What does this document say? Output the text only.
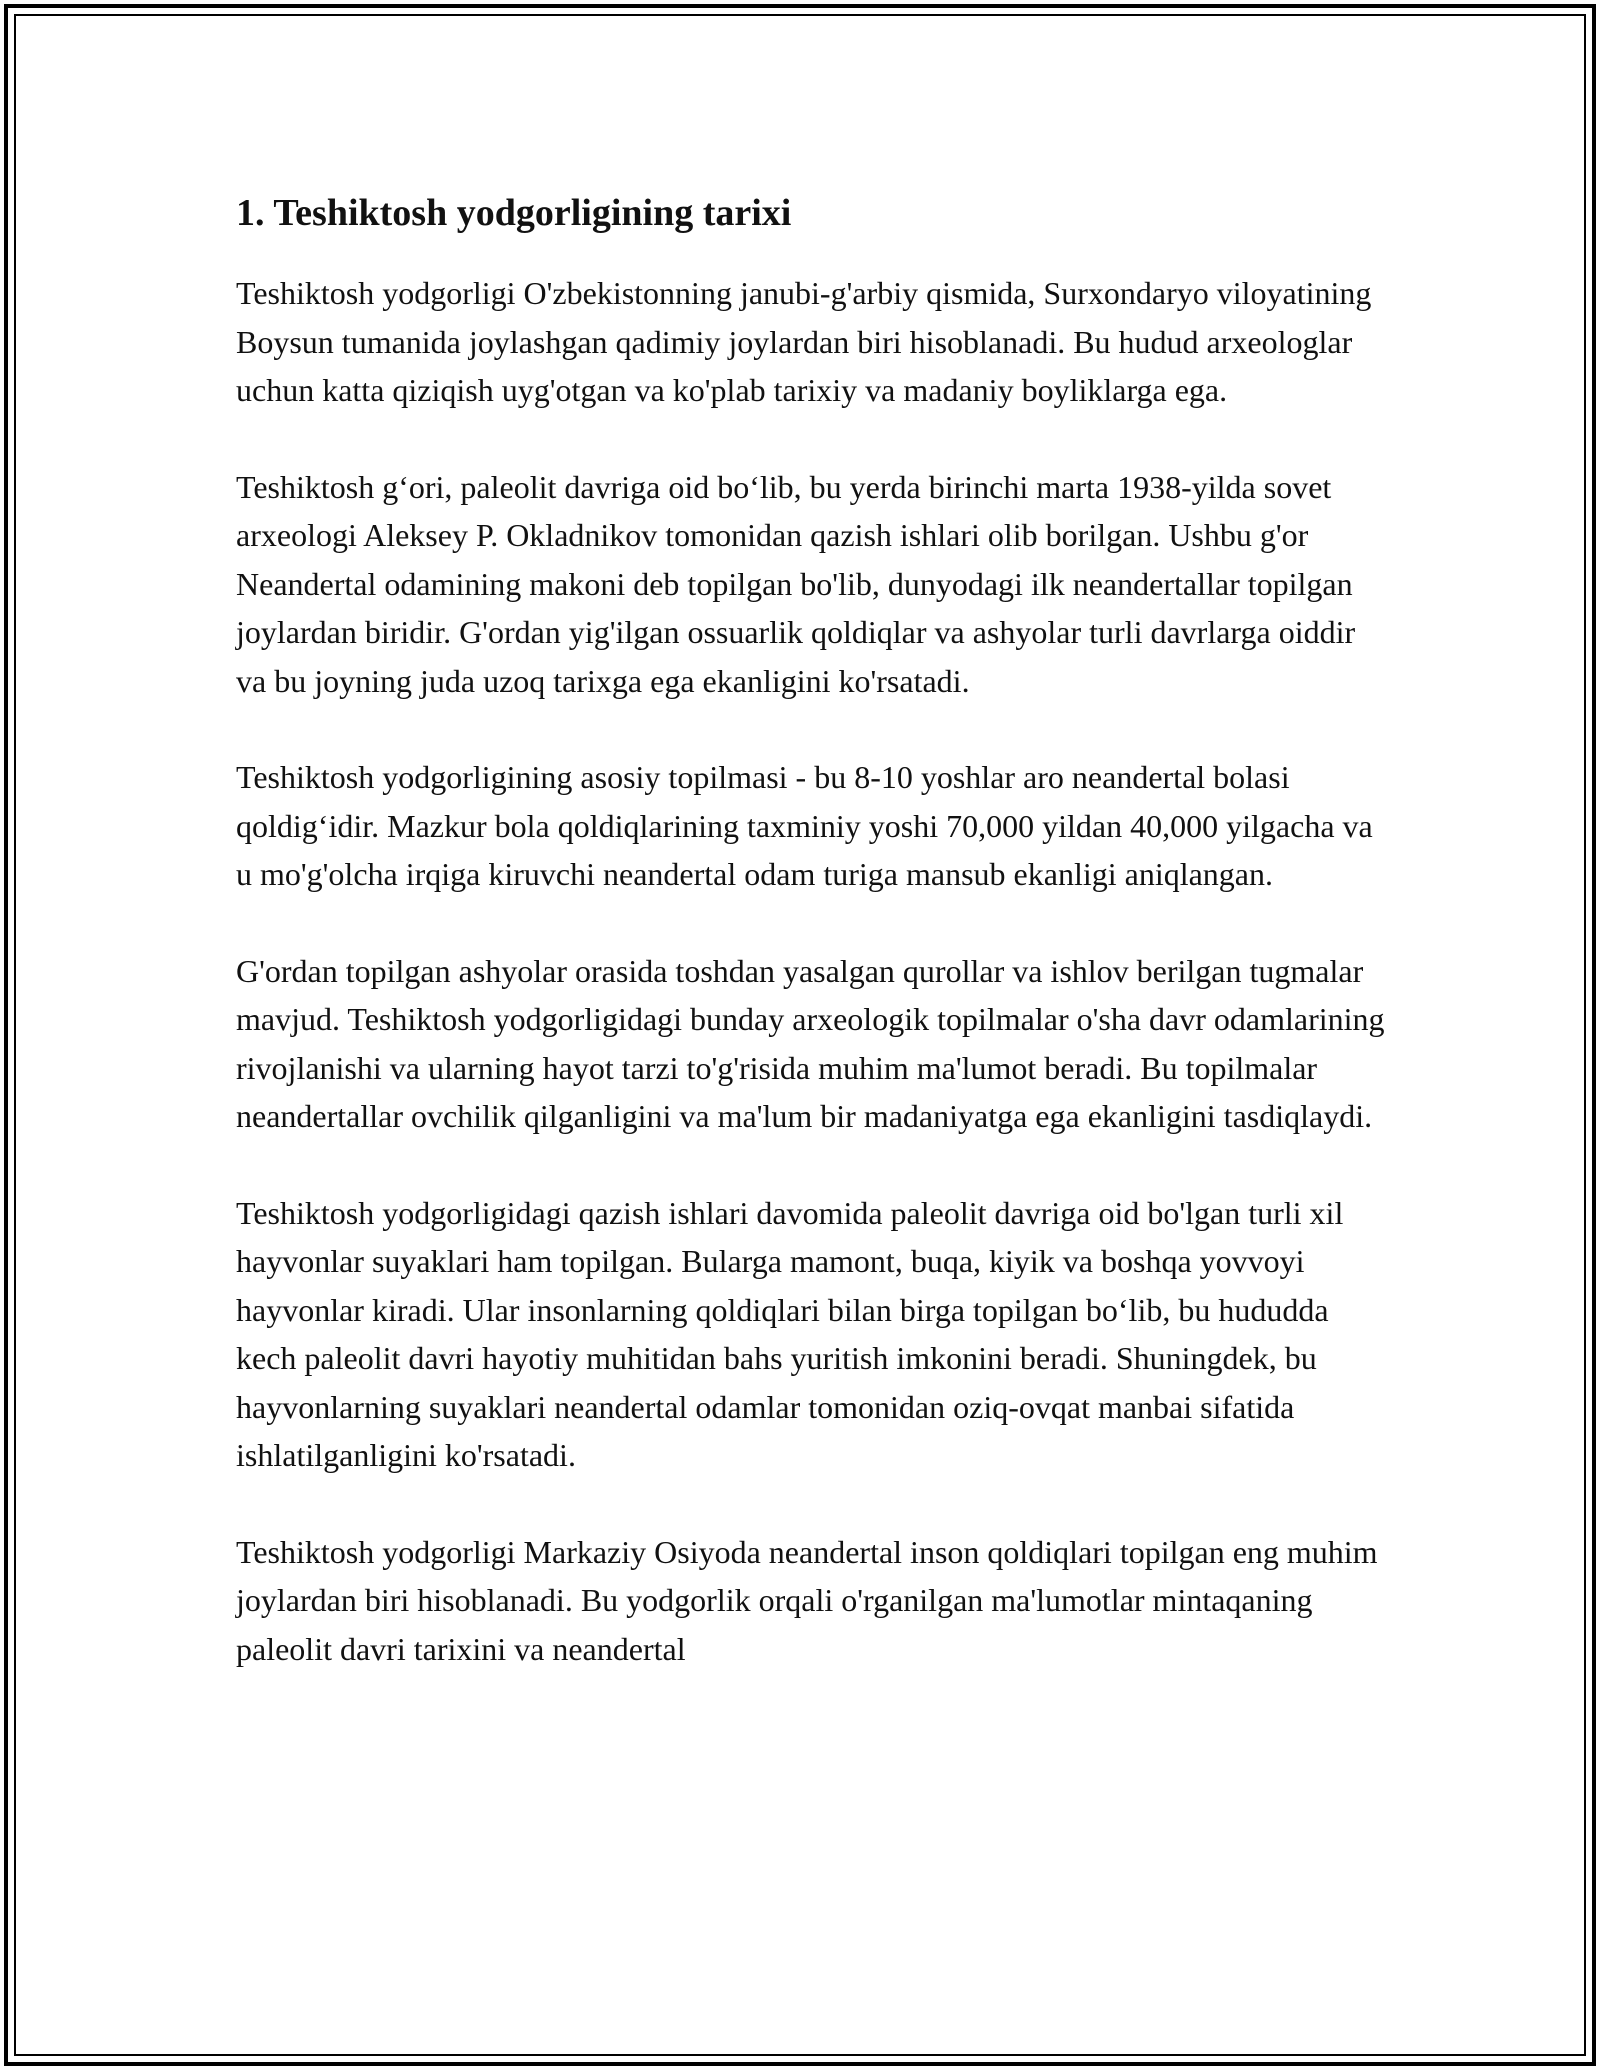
1. Teshiktosh yodgorligining tarixi

Teshiktosh yodgorligi O'zbekistonning janubi-g'arbiy qismida, Surxondaryo viloyatining Boysun tumanida joylashgan qadimiy joylardan biri hisoblanadi. Bu hudud arxeologlar uchun katta qiziqish uyg'otgan va ko'plab tarixiy va madaniy boyliklarga ega.

Teshiktosh g‘ori, paleolit davriga oid bo‘lib, bu yerda birinchi marta 1938-yilda sovet arxeologi Aleksey P. Okladnikov tomonidan qazish ishlari olib borilgan. Ushbu g'or Neandertal odamining makoni deb topilgan bo'lib, dunyodagi ilk neandertallar topilgan joylardan biridir. G'ordan yig'ilgan ossuarlik qoldiqlar va ashyolar turli davrlarga oiddir va bu joyning juda uzoq tarixga ega ekanligini ko'rsatadi.

Teshiktosh yodgorligining asosiy topilmasi - bu 8-10 yoshlar aro neandertal bolasi qoldig‘idir. Mazkur bola qoldiqlarining taxminiy yoshi 70,000 yildan 40,000 yilgacha va u mo'g'olcha irqiga kiruvchi neandertal odam turiga mansub ekanligi aniqlangan.

G'ordan topilgan ashyolar orasida toshdan yasalgan qurollar va ishlov berilgan tugmalar mavjud. Teshiktosh yodgorligidagi bunday arxeologik topilmalar o'sha davr odamlarining rivojlanishi va ularning hayot tarzi to'g'risida muhim ma'lumot beradi. Bu topilmalar neandertallar ovchilik qilganligini va ma'lum bir madaniyatga ega ekanligini tasdiqlaydi.

Teshiktosh yodgorligidagi qazish ishlari davomida paleolit davriga oid bo'lgan turli xil hayvonlar suyaklari ham topilgan. Bularga mamont, buqa, kiyik va boshqa yovvoyi hayvonlar kiradi. Ular insonlarning qoldiqlari bilan birga topilgan bo‘lib, bu hududda kech paleolit davri hayotiy muhitidan bahs yuritish imkonini beradi. Shuningdek, bu hayvonlarning suyaklari neandertal odamlar tomonidan oziq-ovqat manbai sifatida ishlatilganligini ko'rsatadi.

Teshiktosh yodgorligi Markaziy Osiyoda neandertal inson qoldiqlari topilgan eng muhim joylardan biri hisoblanadi. Bu yodgorlik orqali o'rganilgan ma'lumotlar mintaqaning paleolit davri tarixini va neandertal
